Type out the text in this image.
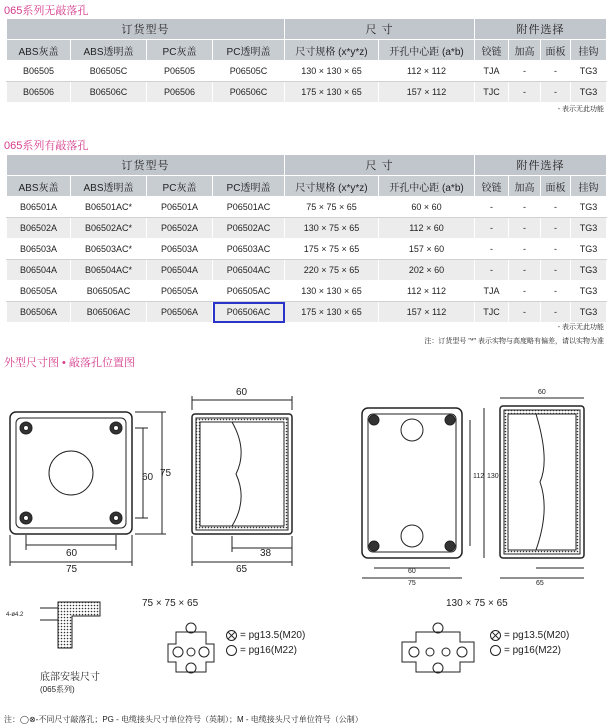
065系列无敲落孔
订货型号				尺 寸		附件选择			
ABS灰盖	ABS透明盖	PC灰盖	PC透明盖	尺寸规格 (x*y*z)	开孔中心距 (a*b)	铰链	加高	面板	挂钩
B06505	B06505C	P06505	P06505C	130 × 130 × 65	112 × 112	TJA	-	-	TG3
B06506	B06506C	P06506	P06506C	175 × 130 × 65	157 × 112	TJC	-	-	TG3
- 表示无此功能
065系列有敲落孔
订货型号				尺 寸		附件选择			
ABS灰盖	ABS透明盖	PC灰盖	PC透明盖	尺寸规格 (x*y*z)	开孔中心距 (a*b)	铰链	加高	面板	挂钩
B06501A	B06501AC*	P06501A	P06501AC	75 × 75 × 65	60 × 60	-	-	-	TG3
B06502A	B06502AC*	P06502A	P06502AC	130 × 75 × 65	112 × 60	-	-	-	TG3
B06503A	B06503AC*	P06503A	P06503AC	175 × 75 × 65	157 × 60	-	-	-	TG3
B06504A	B06504AC*	P06504A	P06504AC	220 × 75 × 65	202 × 60	-	-	-	TG3
B06505A	B06505AC	P06505A	P06505AC	130 × 130 × 65	112 × 112	TJA	-	-	TG3
B06506A	B06506AC	P06506A	P06506AC	175 × 130 × 65	157 × 112	TJC	-	-	TG3
- 表示无此功能
注：订货型号 "*" 表示实物与高度略有偏差，请以实物为准
外型尺寸图 • 敲落孔位置图
60
75
60 75
60
38
65	60
75
60
112 130
65
4-ø4.2
75 × 75 × 65	130 × 75 × 65
底部安装尺寸
(065系列)
= pg13.5(M20)
= pg16(M22)
= pg13.5(M20)
= pg16(M22)
注：◯⊗-不同尺寸敲落孔；PG - 电缆接头尺寸单位符号（英制）；M - 电缆接头尺寸单位符号（公制）
